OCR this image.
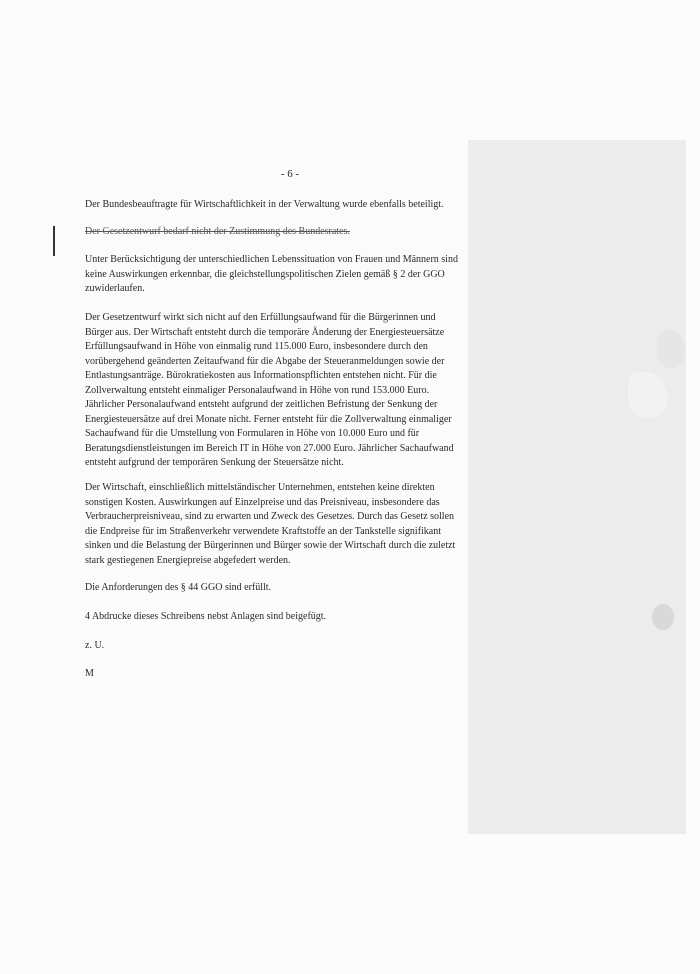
- 6 -

Der Bundesbeauftragte für Wirtschaftlichkeit in der Verwaltung wurde ebenfalls beteiligt.

Der Gesetzentwurf bedarf nicht der Zustimmung des Bundesrates.

Unter Berücksichtigung der unterschiedlichen Lebenssituation von Frauen und Männern sind keine Auswirkungen erkennbar, die gleichstellungspolitischen Zielen gemäß § 2 der GGO zuwiderlaufen.

Der Gesetzentwurf wirkt sich nicht auf den Erfüllungsaufwand für die Bürgerinnen und Bürger aus. Der Wirtschaft entsteht durch die temporäre Änderung der Energiesteuersätze Erfüllungsaufwand in Höhe von einmalig rund 115.000 Euro, insbesondere durch den vorübergehend geänderten Zeitaufwand für die Abgabe der Steueranmeldungen sowie der Entlastungsanträge. Bürokratiekosten aus Informationspflichten entstehen nicht. Für die Zollverwaltung entsteht einmaliger Personalaufwand in Höhe von rund 153.000 Euro. Jährlicher Personalaufwand entsteht aufgrund der zeitlichen Befristung der Senkung der Energiesteuersätze auf drei Monate nicht. Ferner entsteht für die Zollverwaltung einmaliger Sachaufwand für die Umstellung von Formularen in Höhe von 10.000 Euro und für Beratungsdienstleistungen im Bereich IT in Höhe von 27.000 Euro. Jährlicher Sachaufwand entsteht aufgrund der temporären Senkung der Steuersätze nicht.

Der Wirtschaft, einschließlich mittelständischer Unternehmen, entstehen keine direkten sonstigen Kosten. Auswirkungen auf Einzelpreise und das Preisniveau, insbesondere das Verbraucherpreisniveau, sind zu erwarten und Zweck des Gesetzes. Durch das Gesetz sollen die Endpreise für im Straßenverkehr verwendete Kraftstoffe an der Tankstelle signifikant sinken und die Belastung der Bürgerinnen und Bürger sowie der Wirtschaft durch die zuletzt stark gestiegenen Energiepreise abgefedert werden.

Die Anforderungen des § 44 GGO sind erfüllt.

4 Abdrucke dieses Schreibens nebst Anlagen sind beigefügt.

z. U.

M
